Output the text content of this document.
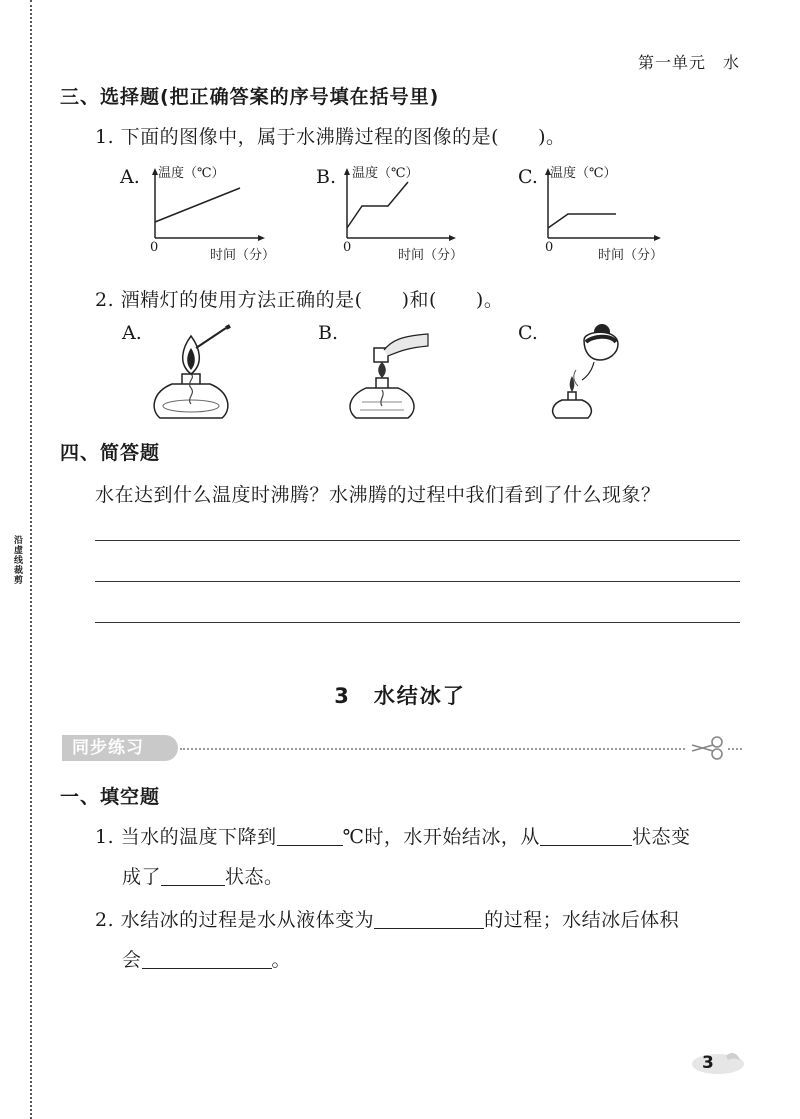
沿虚线裁剪
第一单元　水
三、选择题(把正确答案的序号填在括号里)
1. 下面的图像中，属于水沸腾过程的图像的是(　　)。
A. 温度（℃）
0
时间（分）
B. 温度（℃）
0
时间（分）
C. 温度（℃）
0
时间（分）
2. 酒精灯的使用方法正确的是(　　)和(　　)。
A.	B.	C.
四、简答题
水在达到什么温度时沸腾？水沸腾的过程中我们看到了什么现象？
3　 水结冰了
同步练习
一、填空题
1. 当水的温度下降到	℃时，水开始结冰，从	状态变
成了	状态。
2. 水结冰的过程是水从液体变为	的过程；水结冰后体积
会	。
3
